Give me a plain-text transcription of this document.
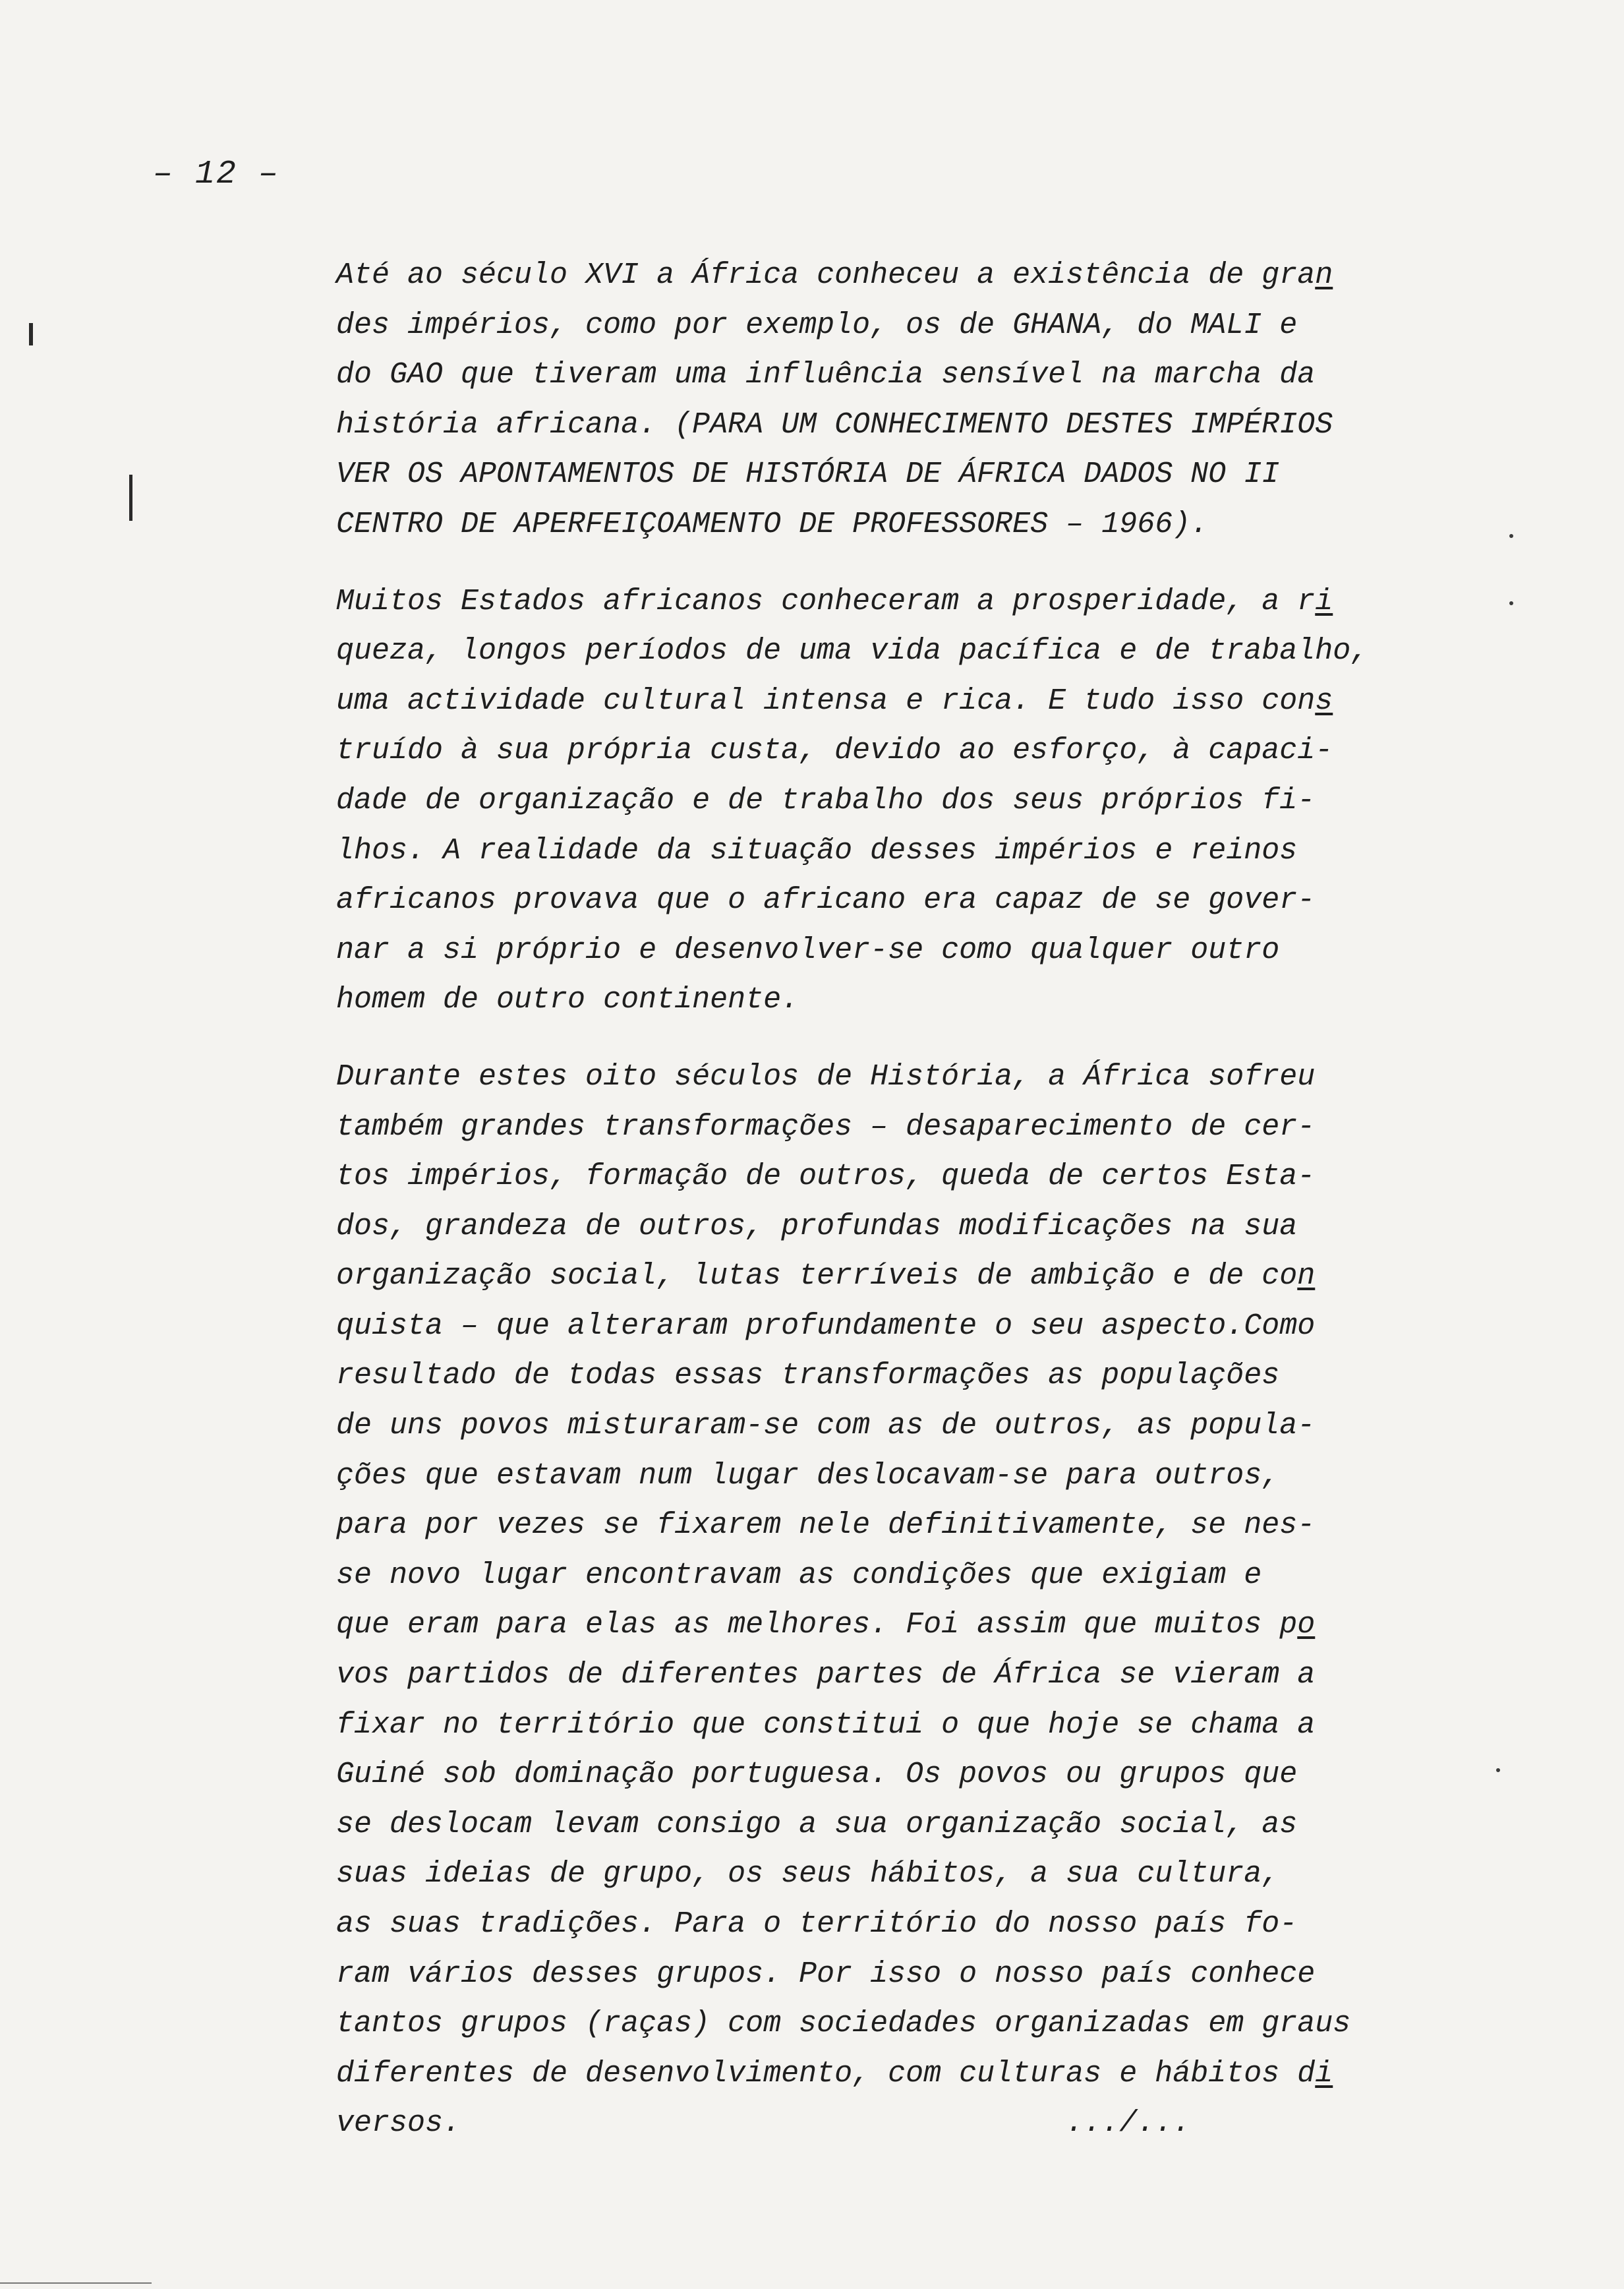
– 12 –
Até ao século XVI a África conheceu a existência de gran
des impérios, como por exemplo, os de GHANA, do MALI e
do GAO que tiveram uma influência sensível na marcha da
história africana. (PARA UM CONHECIMENTO DESTES IMPÉRIOS
VER OS APONTAMENTOS DE HISTÓRIA DE ÁFRICA DADOS NO II
CENTRO DE APERFEIÇOAMENTO DE PROFESSORES – 1966).
Muitos Estados africanos conheceram a prosperidade, a ri
queza, longos períodos de uma vida pacífica e de trabalho,
uma actividade cultural intensa e rica. E tudo isso cons
truído à sua própria custa, devido ao esforço, à capaci-
dade de organização e de trabalho dos seus próprios fi-
lhos. A realidade da situação desses impérios e reinos
africanos provava que o africano era capaz de se gover-
nar a si próprio e desenvolver-se como qualquer outro
homem de outro continente.
Durante estes oito séculos de História, a África sofreu
também grandes transformações – desaparecimento de cer-
tos impérios, formação de outros, queda de certos Esta-
dos, grandeza de outros, profundas modificações na sua
organização social, lutas terríveis de ambição e de con
quista – que alteraram profundamente o seu aspecto.Como
resultado de todas essas transformações as populações
de uns povos misturaram-se com as de outros, as popula-
ções que estavam num lugar deslocavam-se para outros,
para por vezes se fixarem nele definitivamente, se nes-
se novo lugar encontravam as condições que exigiam e
que eram para elas as melhores. Foi assim que muitos po
vos partidos de diferentes partes de África se vieram a
fixar no território que constitui o que hoje se chama a
Guiné sob dominação portuguesa. Os povos ou grupos que
se deslocam levam consigo a sua organização social, as
suas ideias de grupo, os seus hábitos, a sua cultura,
as suas tradições. Para o território do nosso país fo-
ram vários desses grupos. Por isso o nosso país conhece
tantos grupos (raças) com sociedades organizadas em graus
diferentes de desenvolvimento, com culturas e hábitos di
versos.                                  .../...
